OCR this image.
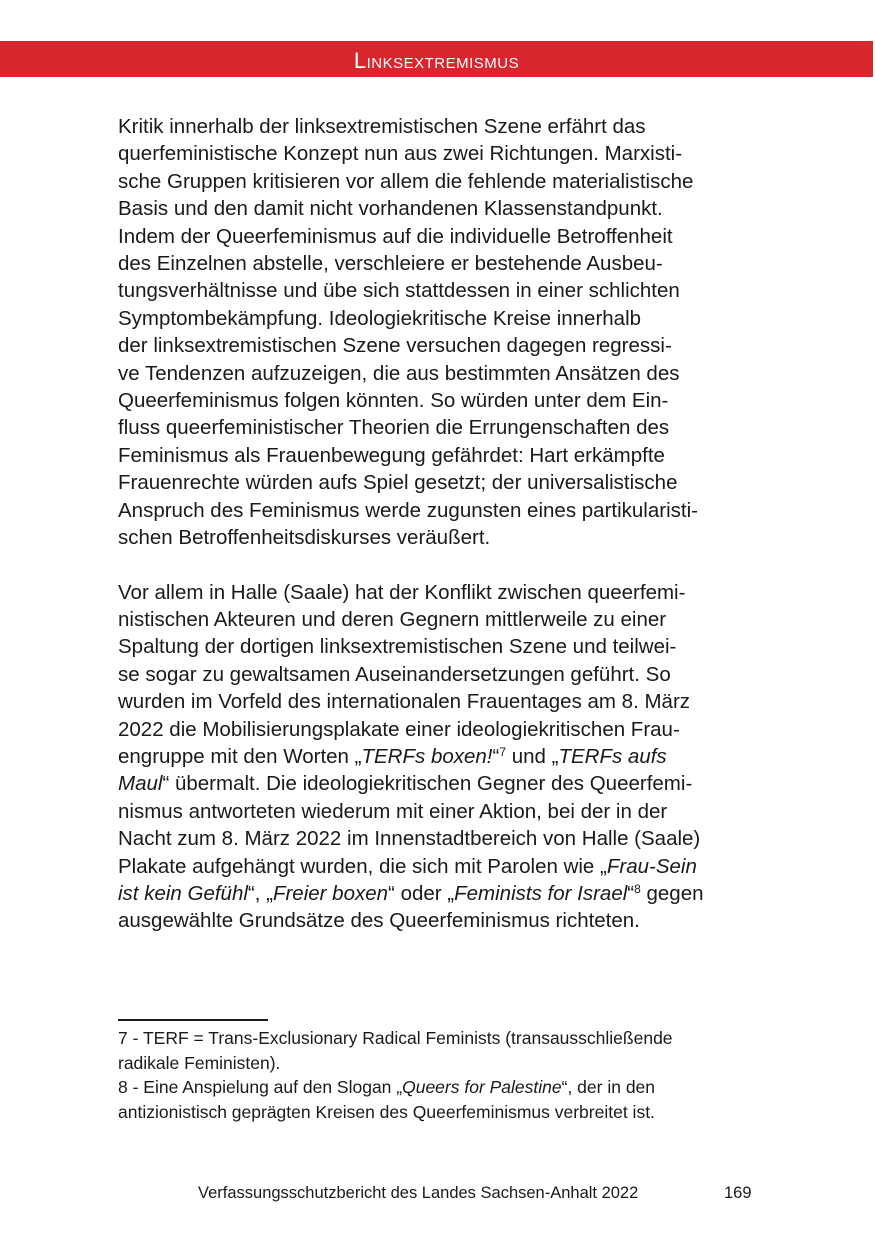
Linksextremismus

Kritik innerhalb der linksextremistischen Szene erfährt das
querfeministische Konzept nun aus zwei Richtungen. Marxisti-
sche Gruppen kritisieren vor allem die fehlende materialistische
Basis und den damit nicht vorhandenen Klassenstandpunkt.
Indem der Queerfeminismus auf die individuelle Betroffenheit
des Einzelnen abstelle, verschleiere er bestehende Ausbeu-
tungsverhältnisse und übe sich stattdessen in einer schlichten
Symptombekämpfung. Ideologiekritische Kreise innerhalb
der linksextremistischen Szene versuchen dagegen regressi-
ve Tendenzen aufzuzeigen, die aus bestimmten Ansätzen des
Queerfeminismus folgen könnten. So würden unter dem Ein-
fluss queerfeministischer Theorien die Errungenschaften des
Feminismus als Frauenbewegung gefährdet: Hart erkämpfte
Frauenrechte würden aufs Spiel gesetzt; der universalistische
Anspruch des Feminismus werde zugunsten eines partikularisti-
schen Betroffenheitsdiskurses veräußert.

Vor allem in Halle (Saale) hat der Konflikt zwischen queerfemi-
nistischen Akteuren und deren Gegnern mittlerweile zu einer
Spaltung der dortigen linksextremistischen Szene und teilwei-
se sogar zu gewaltsamen Auseinandersetzungen geführt. So
wurden im Vorfeld des internationalen Frauentages am 8. März
2022 die Mobilisierungsplakate einer ideologiekritischen Frau-
engruppe mit den Worten „TERFs boxen!“$^7$ und „TERFs aufs
Maul“ übermalt. Die ideologiekritischen Gegner des Queerfemi-
nismus antworteten wiederum mit einer Aktion, bei der in der
Nacht zum 8. März 2022 im Innenstadtbereich von Halle (Saale)
Plakate aufgehängt wurden, die sich mit Parolen wie „Frau-Sein
ist kein Gefühl“, „Freier boxen“ oder „Feminists for Israel“$^8$ gegen
ausgewählte Grundsätze des Queerfeminismus richteten.

7 - TERF = Trans-Exclusionary Radical Feminists (transausschließende
radikale Feministen).

8 - Eine Anspielung auf den Slogan „Queers for Palestine“, der in den
antizionistisch geprägten Kreisen des Queerfeminismus verbreitet ist.

Verfassungsschutzbericht des Landes Sachsen-Anhalt 2022	169
